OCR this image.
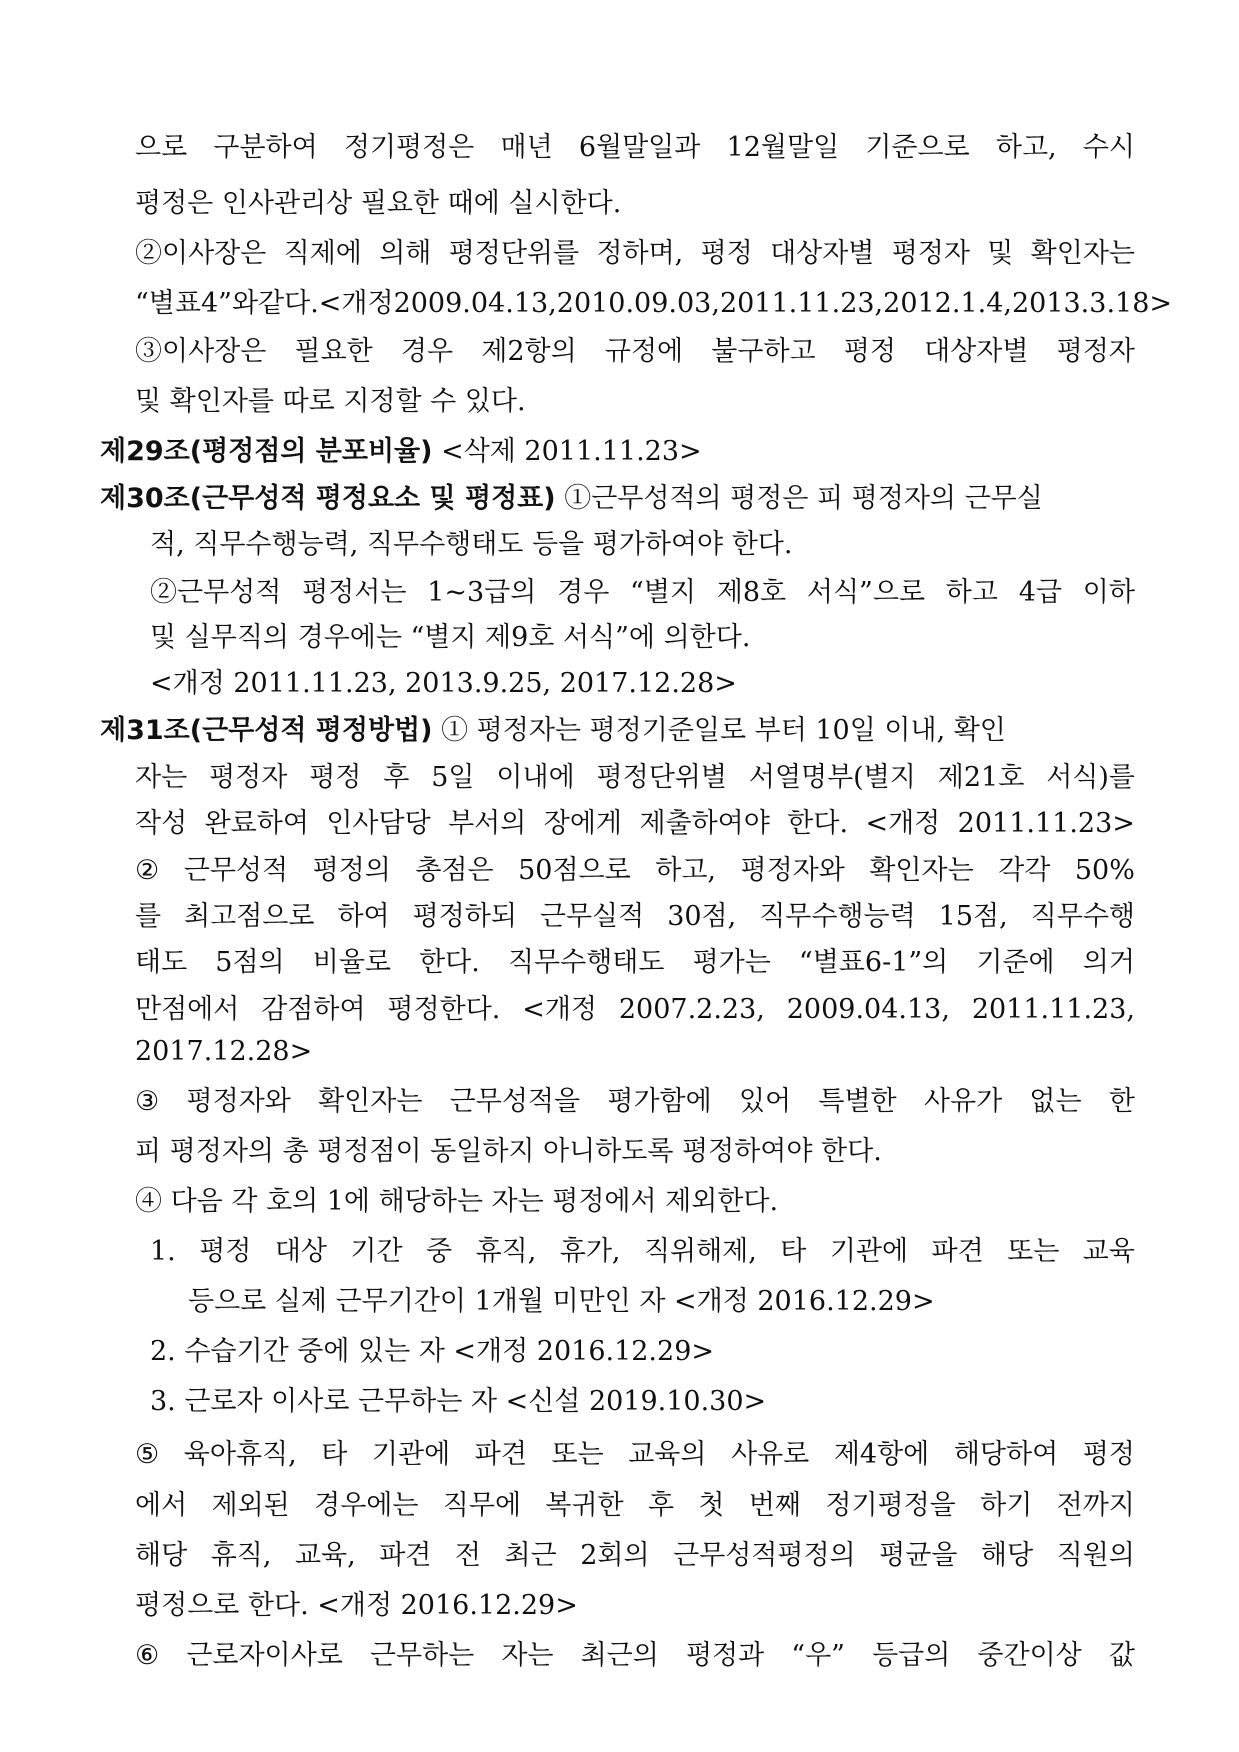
으로 구분하여 정기평정은 매년 6월말일과 12월말일 기준으로 하고, 수시
평정은 인사관리상 필요한 때에 실시한다.
②이사장은 직제에 의해 평정단위를 정하며, 평정 대상자별 평정자 및 확인자는
“별표4”와 같다.<개정 2009.04.13, 2010.09.03, 2011.11.23, 2012.1.4, 2013.3.18>
③이사장은 필요한 경우 제2항의 규정에 불구하고 평정 대상자별 평정자
및 확인자를 따로 지정할 수 있다.
제29조(평정점의 분포비율) <삭제 2011.11.23>
제30조(근무성적 평정요소 및 평정표) ①근무성적의 평정은 피 평정자의 근무실
적, 직무수행능력, 직무수행태도 등을 평가하여야 한다.
②근무성적 평정서는 1~3급의 경우 “별지 제8호 서식”으로 하고 4급 이하
및 실무직의 경우에는 “별지 제9호 서식”에 의한다.
<개정 2011.11.23, 2013.9.25, 2017.12.28>
제31조(근무성적 평정방법) ① 평정자는 평정기준일로 부터 10일 이내, 확인
자는 평정자 평정 후 5일 이내에 평정단위별 서열명부(별지 제21호 서식)를
작성 완료하여 인사담당 부서의 장에게 제출하여야 한다. <개정 2011.11.23>
② 근무성적 평정의 총점은 50점으로 하고, 평정자와 확인자는 각각 50%
를 최고점으로 하여 평정하되 근무실적 30점, 직무수행능력 15점, 직무수행
태도 5점의 비율로 한다. 직무수행태도 평가는 “별표6-1”의 기준에 의거
만점에서 감점하여 평정한다. <개정 2007.2.23, 2009.04.13, 2011.11.23,
2017.12.28>
③ 평정자와 확인자는 근무성적을 평가함에 있어 특별한 사유가 없는 한
피 평정자의 총 평정점이 동일하지 아니하도록 평정하여야 한다.
④ 다음 각 호의 1에 해당하는 자는 평정에서 제외한다.
1. 평정 대상 기간 중 휴직, 휴가, 직위해제, 타 기관에 파견 또는 교육
등으로 실제 근무기간이 1개월 미만인 자 <개정 2016.12.29>
2. 수습기간 중에 있는 자 <개정 2016.12.29>
3. 근로자 이사로 근무하는 자 <신설 2019.10.30>
⑤ 육아휴직, 타 기관에 파견 또는 교육의 사유로 제4항에 해당하여 평정
에서 제외된 경우에는 직무에 복귀한 후 첫 번째 정기평정을 하기 전까지
해당 휴직, 교육, 파견 전 최근 2회의 근무성적평정의 평균을 해당 직원의
평정으로 한다. <개정 2016.12.29>
⑥ 근로자이사로 근무하는 자는 최근의 평정과 “우” 등급의 중간이상 값
